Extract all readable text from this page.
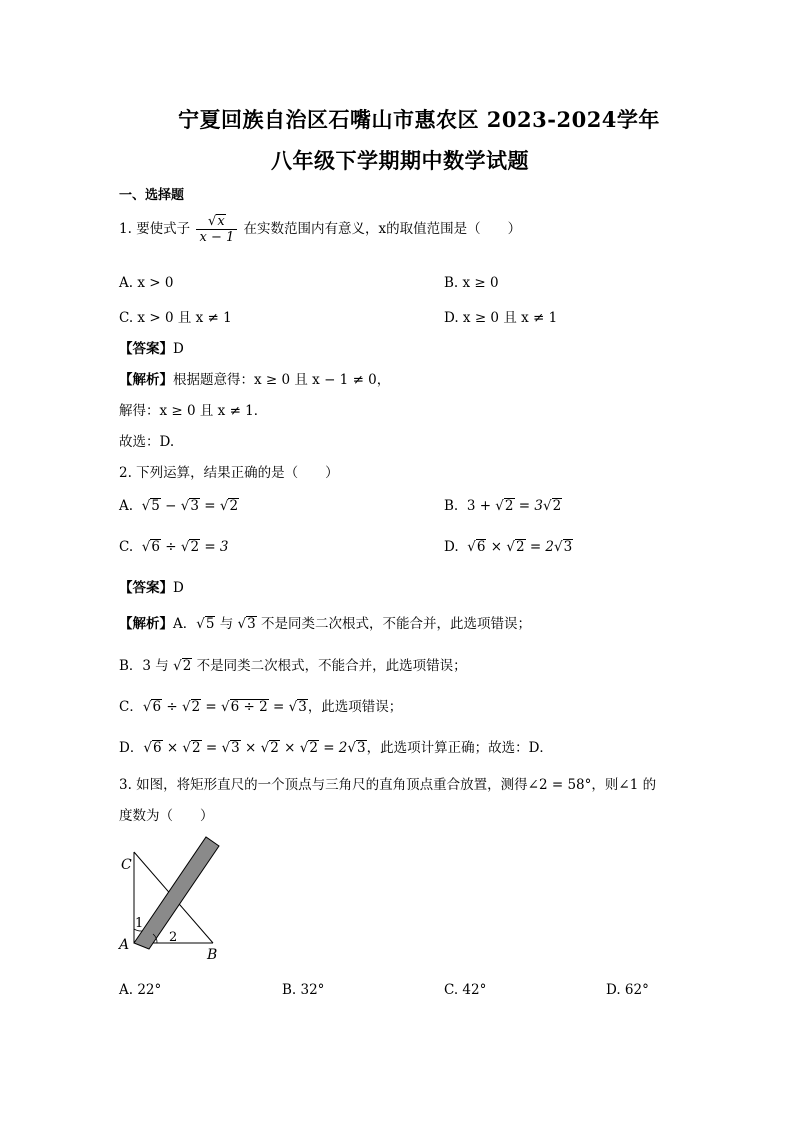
宁夏回族自治区石嘴山市惠农区 2023-2024学年
八年级下学期期中数学试题
一、选择题
1. 要使式子 $\frac{√x}{x - 1}$ 在实数范围内有意义，x的取值范围是（　　）
A. x > 0	B. x ≥ 0
C. x > 0 且 x ≠ 1	D. x ≥ 0 且 x ≠ 1
【答案】D
【解析】根据题意得：x ≥ 0 且 x − 1 ≠ 0，
解得：x ≥ 0 且 x ≠ 1．
故选：D.
2. 下列运算，结果正确的是（　　）
A. √5 − √3 = √2	B. 3 + √2 = 3√2
C. √6 ÷ √2 = 3	D. √6 × √2 = 2√3
【答案】D
【解析】A．√5 与 √3 不是同类二次根式，不能合并，此选项错误；
B．3 与 √2 不是同类二次根式，不能合并，此选项错误；
C．√6 ÷ √2 = √6 ÷ 2 = √3，此选项错误；
D．√6 × √2 = √3 × √2 × √2 = 2√3，此选项计算正确；故选：D．
3. 如图，将矩形直尺的一个顶点与三角尺的直角顶点重合放置，测得∠2 = 58°，则∠1 的
度数为（　　）
C
A
B
1
2
A. 22°	B. 32°	C. 42°	D. 62°
